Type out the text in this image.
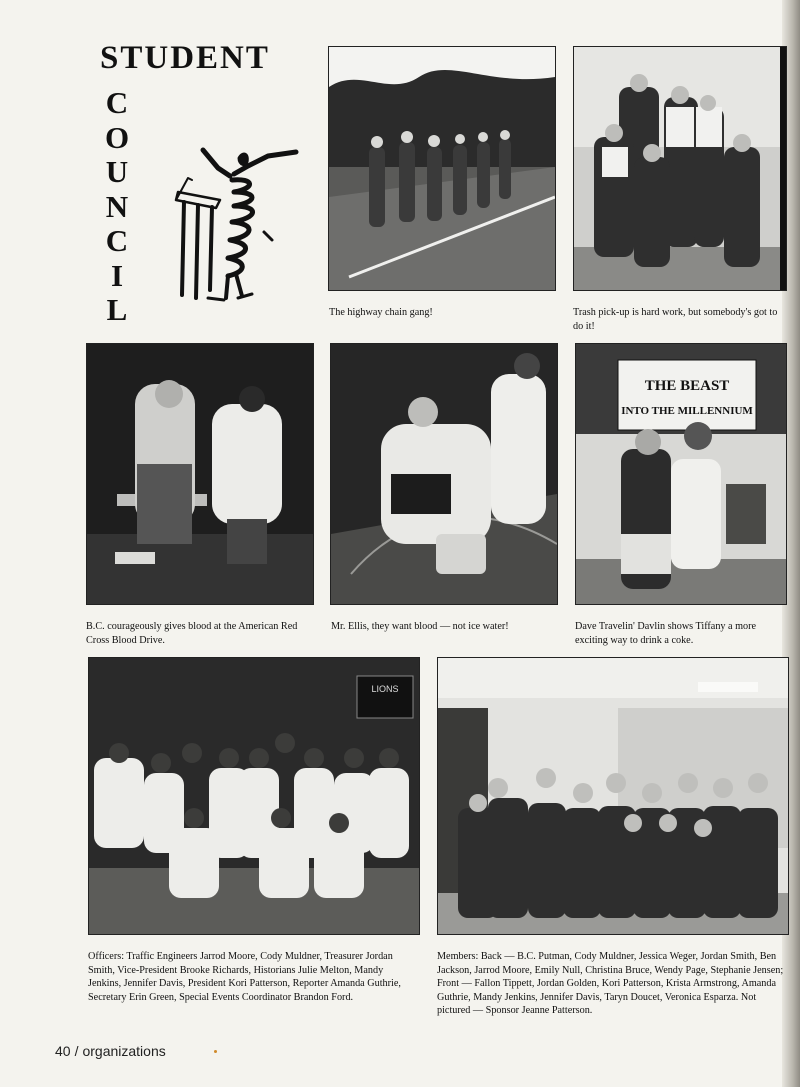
STUDENT
C
O
U
N
C
I
L
THE BEAST
INTO THE MILLENNIUM
LIONS
The highway chain gang!	Trash pick-up is hard work, but somebody's got to do it!
B.C. courageously gives blood at the American Red Cross Blood Drive.
Mr. Ellis, they want blood — not ice water!	Dave Travelin' Davlin shows Tiffany a more exciting way to drink a coke.
Officers: Traffic Engineers Jarrod Moore, Cody Muldner, Treasurer Jordan Smith, Vice-President Brooke Richards, Historians Julie Melton, Mandy Jenkins, Jennifer Davis, President Kori Patterson, Reporter Amanda Guthrie, Secretary Erin Green, Special Events Coordinator Brandon Ford.
Members: Back — B.C. Putman, Cody Muldner, Jessica Weger, Jordan Smith, Ben Jackson, Jarrod Moore, Emily Null, Christina Bruce, Wendy Page, Stephanie Jensen; Front — Fallon Tippett, Jordan Golden, Kori Patterson, Krista Armstrong, Amanda Guthrie, Mandy Jenkins, Jennifer Davis, Taryn Doucet, Veronica Esparza. Not pictured — Sponsor Jeanne Patterson.
40 / organizations
